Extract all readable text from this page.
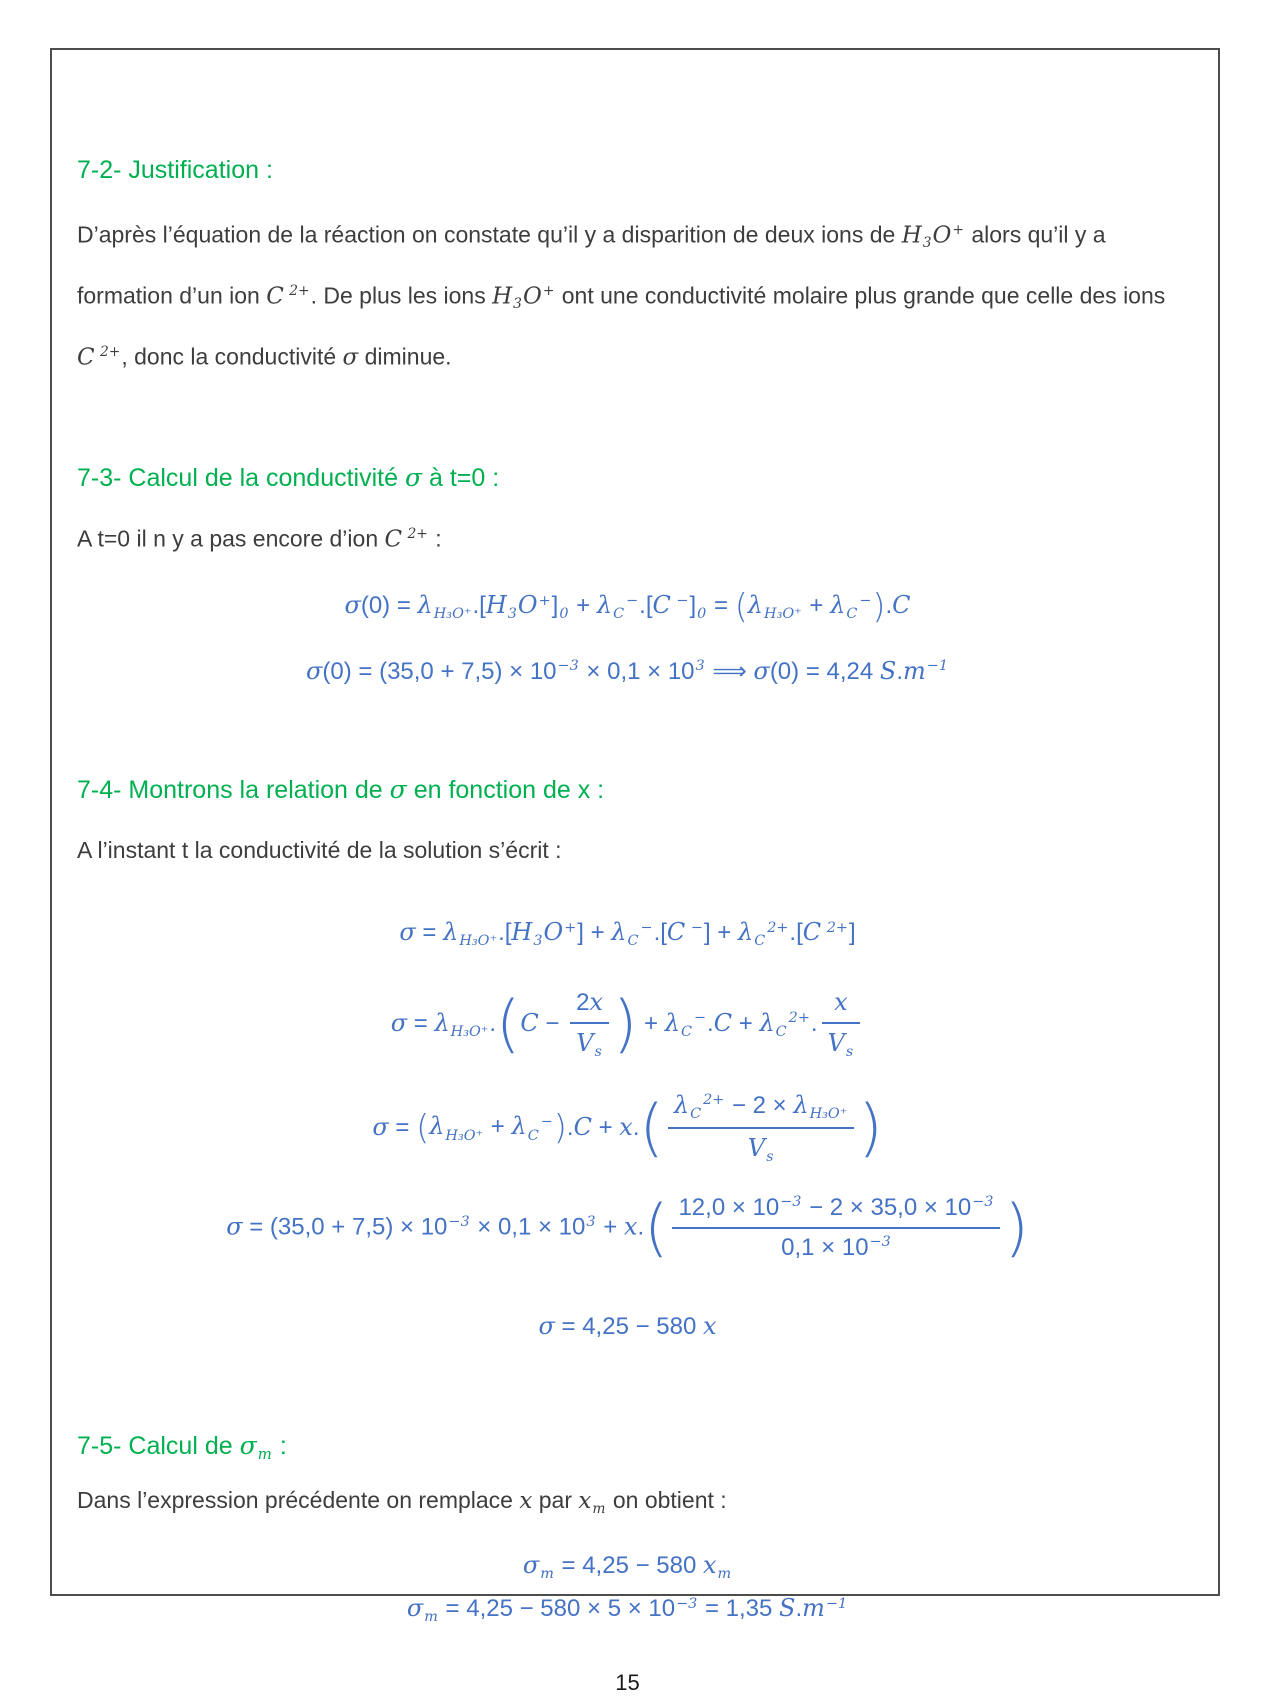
7-2- Justification :
D’après l’équation de la réaction on constate qu’il y a disparition de deux ions de $H_3O^+$ alors qu’il y a formation d’un ion C $^{2+}$. De plus les ions $H_3O^+$ ont une conductivité molaire plus grande que celle des ions C $^{2+}$, donc la conductivité σ diminue.
7-3- Calcul de la conductivité σ à t=0 :
A t=0 il n y a pas encore d’ion C $^{2+}$ :
$\sigma(0) = \lambda_{H_3O^+}.[H_3O^+]_0 + \lambda_C^-.[C$ $^-]_0$ = ( $\lambda_{H_3O^+} + \lambda_C^-$ ) .C
$\sigma(0) = (35,0 + 7,5) \times 10^{-3} \times 0,1 \times 10^3$ ⟹ σ(0) = 4,24 $S.m^{-1}$
7-4- Montrons la relation de σ en fonction de x :
A l’instant t la conductivité de la solution s’écrit :
$\sigma = \lambda_{H_3O^+}.[H_3O^+] + \lambda_C^-.[C$ $^-] + \lambda_C^{2+}.[C$ $^{2+}$]
$\sigma = \lambda_{H_3O^+}$. ( $C - \frac{2x}{V_s}$ ) + $\lambda_C^-.C + \lambda_C^{2+}$. $\frac{x}{V_s}$
σ = ( $\lambda_{H_3O^+} + \lambda_C^-$ ) .C + x. ( $\frac{\lambda_C^{2+} - 2 \times \lambda_{H_3O^+}}{V_s}$ )
$\sigma = (35,0 + 7,5) \times 10^{-3} \times 0,1 \times 10^3 + x$. ( $\frac{12,0 \times 10^{-3} - 2 \times 35,0 \times 10^{-3}}{0,1 \times 10^{-3}}$ )
σ = 4,25 − 580 x
7-5- Calcul de $\sigma_m$ :
Dans l’expression précédente on remplace x par $x_m$ on obtient :
$\sigma_m = 4,25 - 580$ $x_m$
$\sigma_m = 4,25 - 580 \times 5 \times 10^{-3} = 1,35$ $S.m^{-1}$
15
